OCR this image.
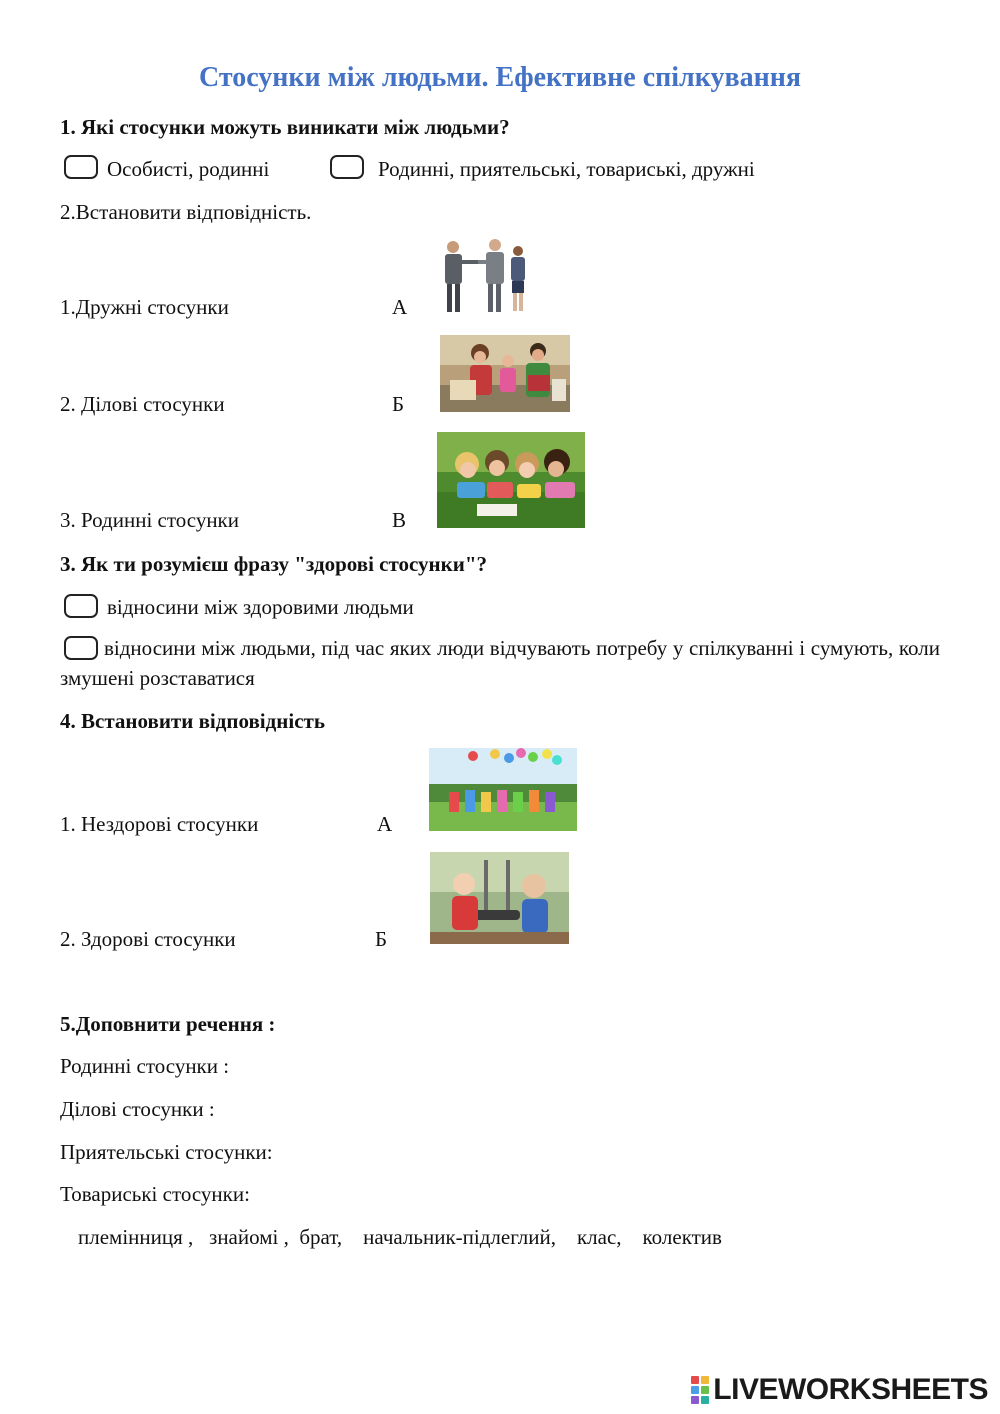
Стосунки між людьми. Ефективне спілкування
1. Які стосунки можуть виникати між людьми?
Особисті, родинні	Родинні, приятельські, товариські, дружні
2.Встановити відповідність.
1.Дружні стосунки	А
2. Ділові стосунки	Б
3. Родинні стосунки	В
3. Як ти розумієш фразу "здорові стосунки"?
відносини між здоровими людьми
відносини між людьми, під час яких люди відчувають потребу у спілкуванні і сумують, коли змушені розставатися
4. Встановити відповідність
1. Нездорові стосунки	А
2. Здорові стосунки	Б
5.Доповнити речення :
Родинні стосунки :
Ділові стосунки :
Приятельські стосунки:
Товариські стосунки:
племінниця ,   знайомі ,  брат,    начальник-підлеглий,    клас,    колектив
LIVEWORKSHEETS
